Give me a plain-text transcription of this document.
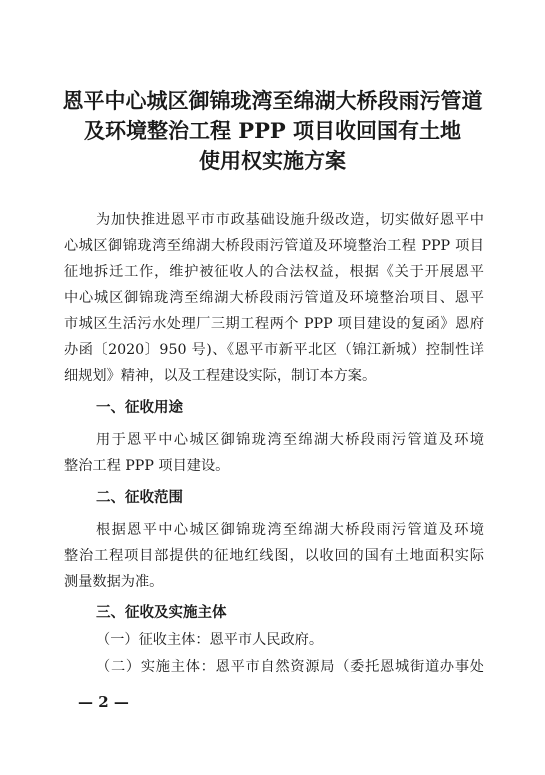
恩平中心城区御锦珑湾至绵湖大桥段雨污管道
及环境整治工程 PPP 项目收回国有土地
使用权实施方案
为加快推进恩平市市政基础设施升级改造，切实做好恩平中
心城区御锦珑湾至绵湖大桥段雨污管道及环境整治工程 PPP 项目
征地拆迁工作，维护被征收人的合法权益，根据《关于开展恩平
中心城区御锦珑湾至绵湖大桥段雨污管道及环境整治项目、恩平
市城区生活污水处理厂三期工程两个 PPP 项目建设的复函》恩府
办函〔2020〕950 号)、《恩平市新平北区（锦江新城）控制性详
细规划》精神，以及工程建设实际，制订本方案。
一、征收用途
用于恩平中心城区御锦珑湾至绵湖大桥段雨污管道及环境
整治工程 PPP 项目建设。
二、征收范围
根据恩平中心城区御锦珑湾至绵湖大桥段雨污管道及环境
整治工程项目部提供的征地红线图，以收回的国有土地面积实际
测量数据为准。
三、征收及实施主体
（一）征收主体：恩平市人民政府。
（二）实施主体：恩平市自然资源局（委托恩城街道办事处
— 2 —
